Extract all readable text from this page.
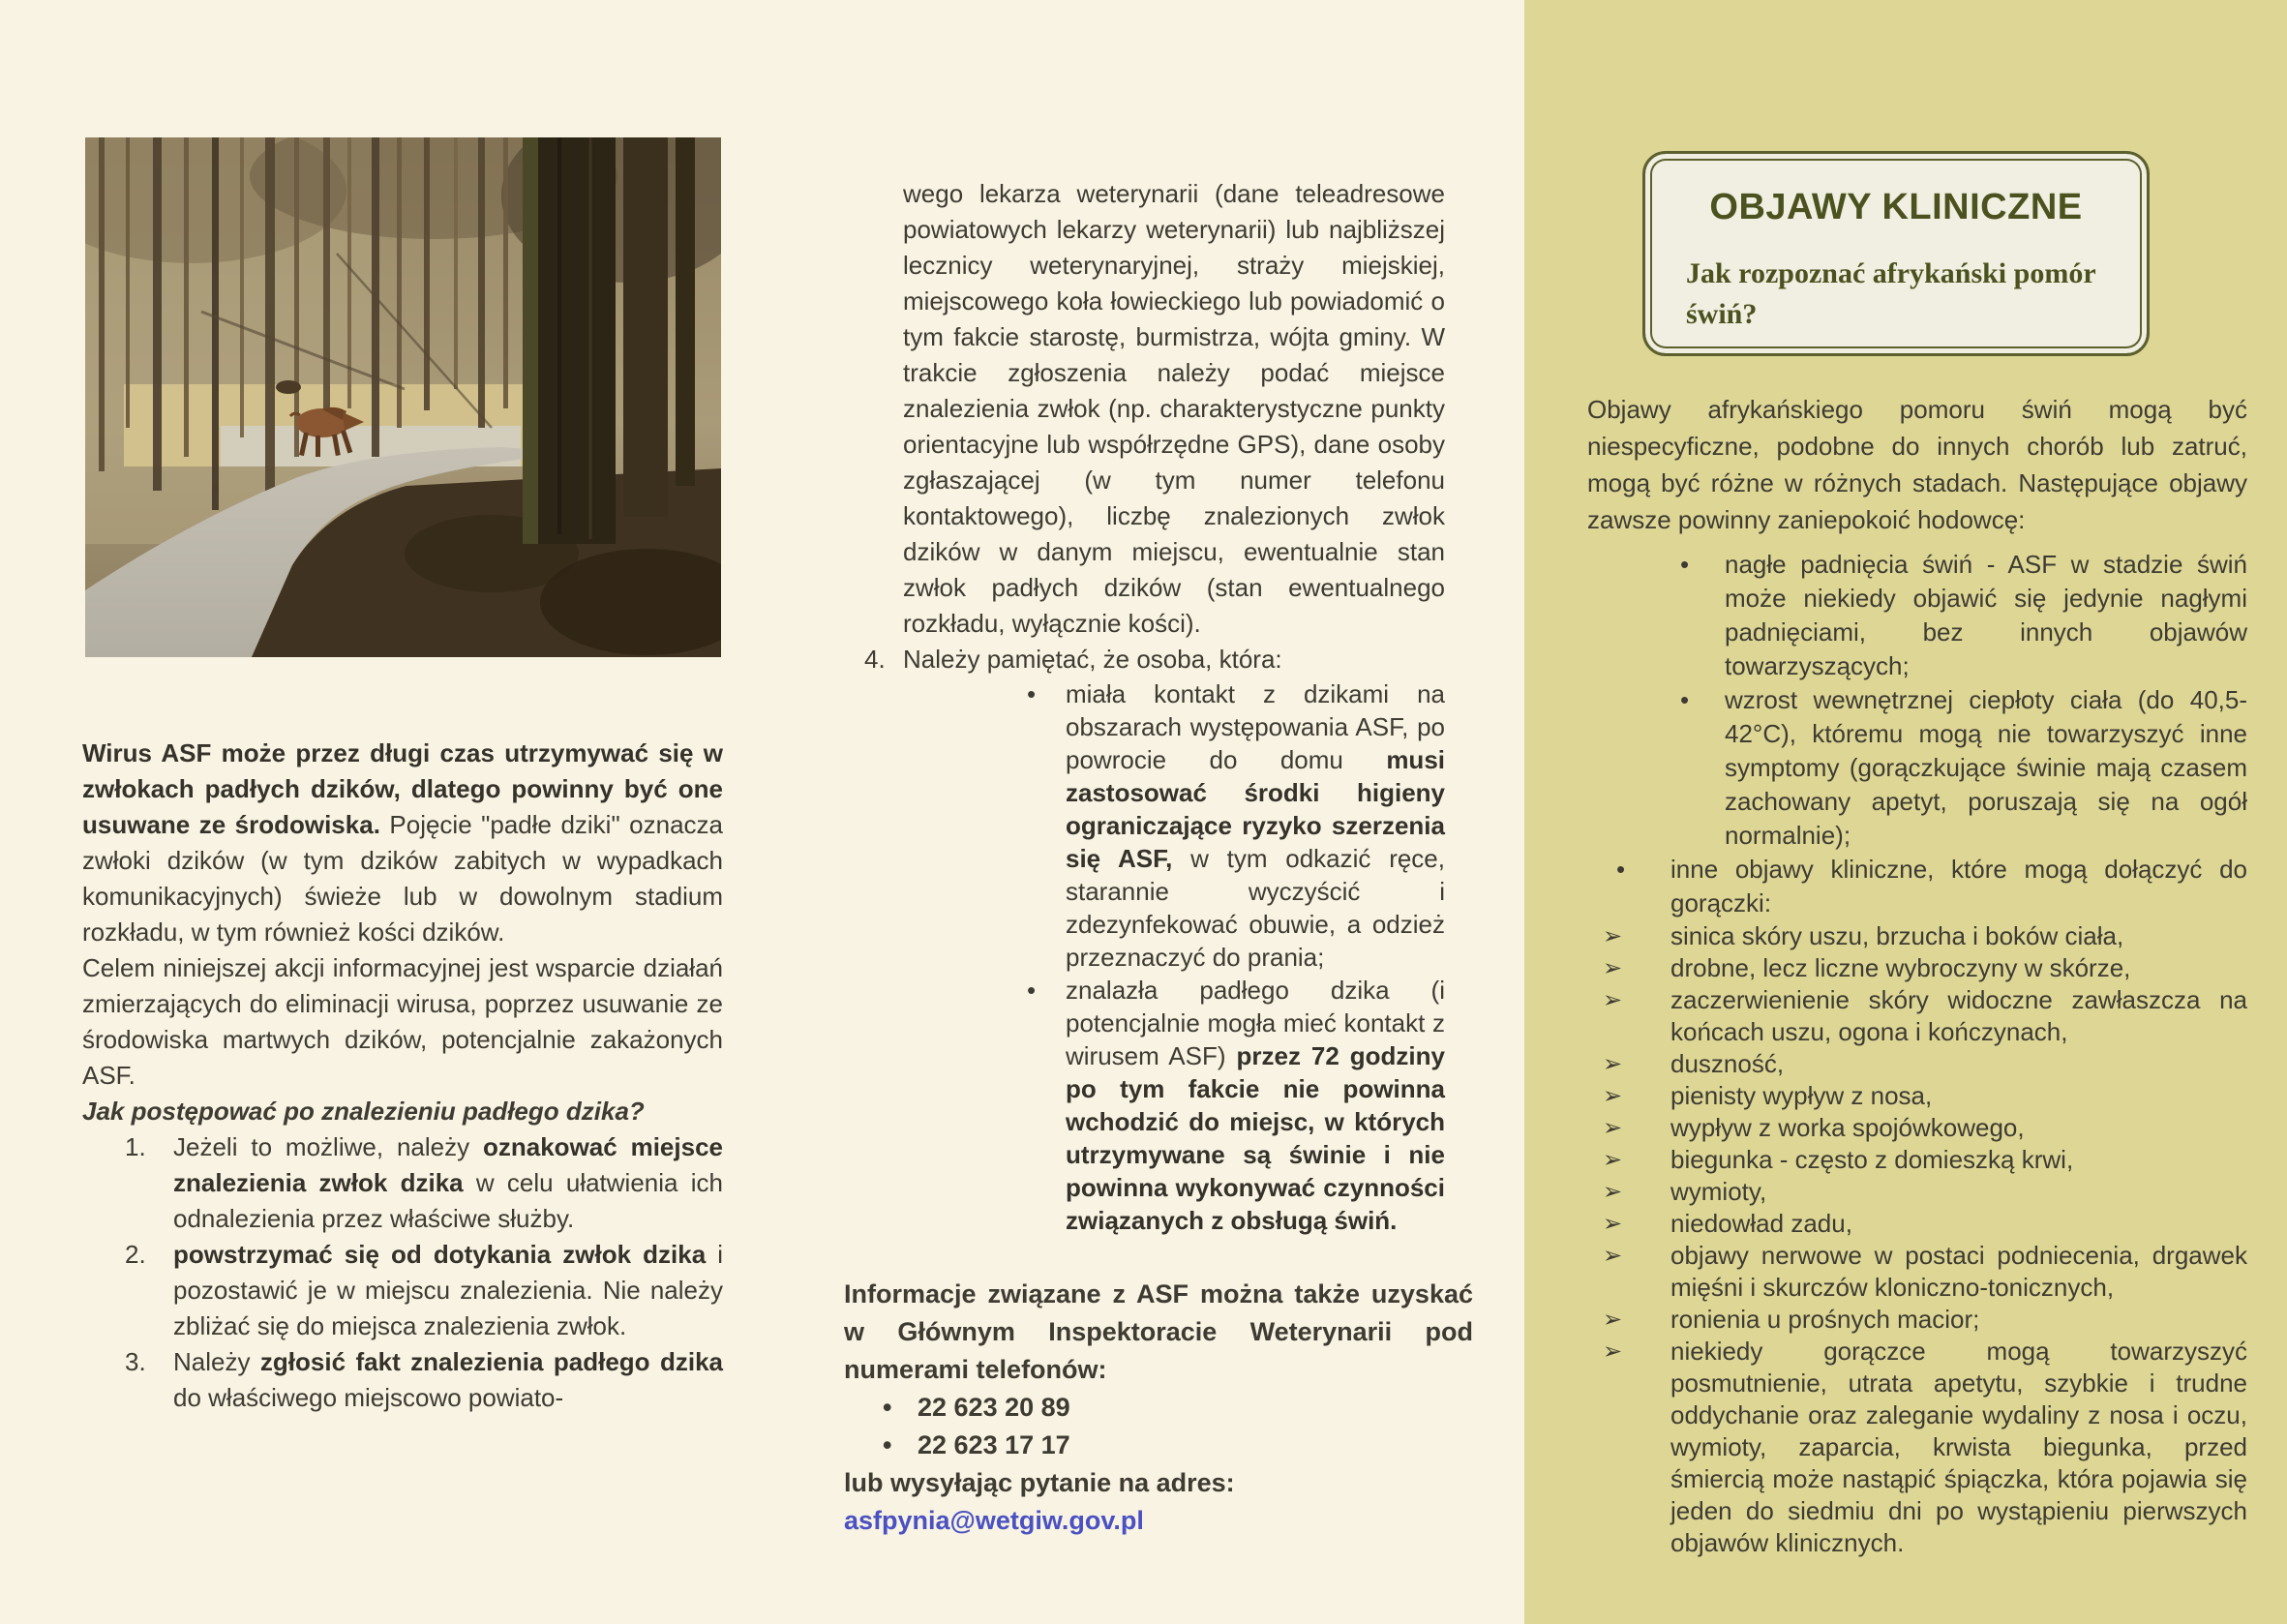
Wirus ASF może przez długi czas utrzymywać się w zwłokach padłych dzików, dlatego powinny być one usuwane ze środowiska. Pojęcie "padłe dziki" oznacza zwłoki dzików (w tym dzików zabitych w wypadkach komunikacyjnych) świeże lub w dowolnym stadium rozkładu, w tym również kości dzików.

Celem niniejszej akcji informacyjnej jest wsparcie działań zmierzających do eliminacji wirusa, poprzez usuwanie ze środowiska martwych dzików, potencjalnie zakażonych ASF.

Jak postępować po znalezieniu padłego dzika?

1.	Jeżeli to możliwe, należy oznakować miejsce znalezienia zwłok dzika w celu ułatwienia ich odnalezienia przez właściwe służby.
2.	powstrzymać się od dotykania zwłok dzika i pozostawić je w miejscu znalezienia. Nie należy zbliżać się do miejsca znalezienia zwłok.
3.	Należy zgłosić fakt znalezienia padłego dzika do właściwego miejscowo powiato-

wego lekarza weterynarii (dane teleadresowe powiatowych lekarzy weterynarii) lub najbliższej lecznicy weterynaryjnej, straży miejskiej, miejscowego koła łowieckiego lub powiadomić o tym fakcie starostę, burmistrza, wójta gminy. W trakcie zgłoszenia należy podać miejsce znalezienia zwłok (np. charakterystyczne punkty orientacyjne lub współrzędne GPS), dane osoby zgłaszającej (w tym numer telefonu kontaktowego), liczbę znalezionych zwłok dzików w danym miejscu, ewentualnie stan zwłok padłych dzików (stan ewentualnego rozkładu, wyłącznie kości).

4. Należy pamiętać, że osoba, która:
•	miała kontakt z dzikami na obszarach występowania ASF, po powrocie do domu musi zastosować środki higieny ograniczające ryzyko szerzenia się ASF, w tym odkazić ręce, starannie wyczyścić i zdezynfekować obuwie, a odzież przeznaczyć do prania;
•	znalazła padłego dzika (i potencjalnie mogła mieć kontakt z wirusem ASF) przez 72 godziny po tym fakcie nie powinna wchodzić do miejsc, w których utrzymywane są świnie i nie powinna wykonywać czynności związanych z obsługą świń.

Informacje związane z ASF można także uzyskać w Głównym Inspektoracie Weterynarii pod numerami telefonów:

• 22 623 20 89
• 22 623 17 17

lub wysyłając pytanie na adres:

asfpynia@wetgiw.gov.pl
OBJAWY KLINICZNE
Jak rozpoznać afrykański pomór świń?
Objawy afrykańskiego pomoru świń mogą być niespecyficzne, podobne do innych chorób lub zatruć, mogą być różne w różnych stadach. Następujące objawy zawsze powinny zaniepokoić hodowcę:
•	nagłe padnięcia świń - ASF w stadzie świń może niekiedy objawić się jedynie nagłymi padnięciami, bez innych objawów towarzyszących;
•	wzrost wewnętrznej ciepłoty ciała (do 40,5-42°C), któremu mogą nie towarzyszyć inne symptomy (gorączkujące świnie mają czasem zachowany apetyt, poruszają się na ogół normalnie);
•	inne objawy kliniczne, które mogą dołączyć do gorączki:
➢	sinica skóry uszu, brzucha i boków ciała,
➢	drobne, lecz liczne wybroczyny w skórze,
➢	zaczerwienienie skóry widoczne zawłaszcza na końcach uszu, ogona i kończynach,
➢	duszność,
➢	pienisty wypływ z nosa,
➢	wypływ z worka spojówkowego,
➢	biegunka - często z domieszką krwi,
➢	wymioty,
➢	niedowład zadu,
➢	objawy nerwowe w postaci podniecenia, drgawek mięśni i skurczów kloniczno-tonicznych,
➢	ronienia u prośnych macior;
➢	niekiedy gorączce mogą towarzyszyć posmutnienie, utrata apetytu, szybkie i trudne oddychanie oraz zaleganie wydaliny z nosa i oczu, wymioty, zaparcia, krwista biegunka, przed śmiercią może nastąpić śpiączka, która pojawia się jeden do siedmiu dni po wystąpieniu pierwszych objawów klinicznych.
